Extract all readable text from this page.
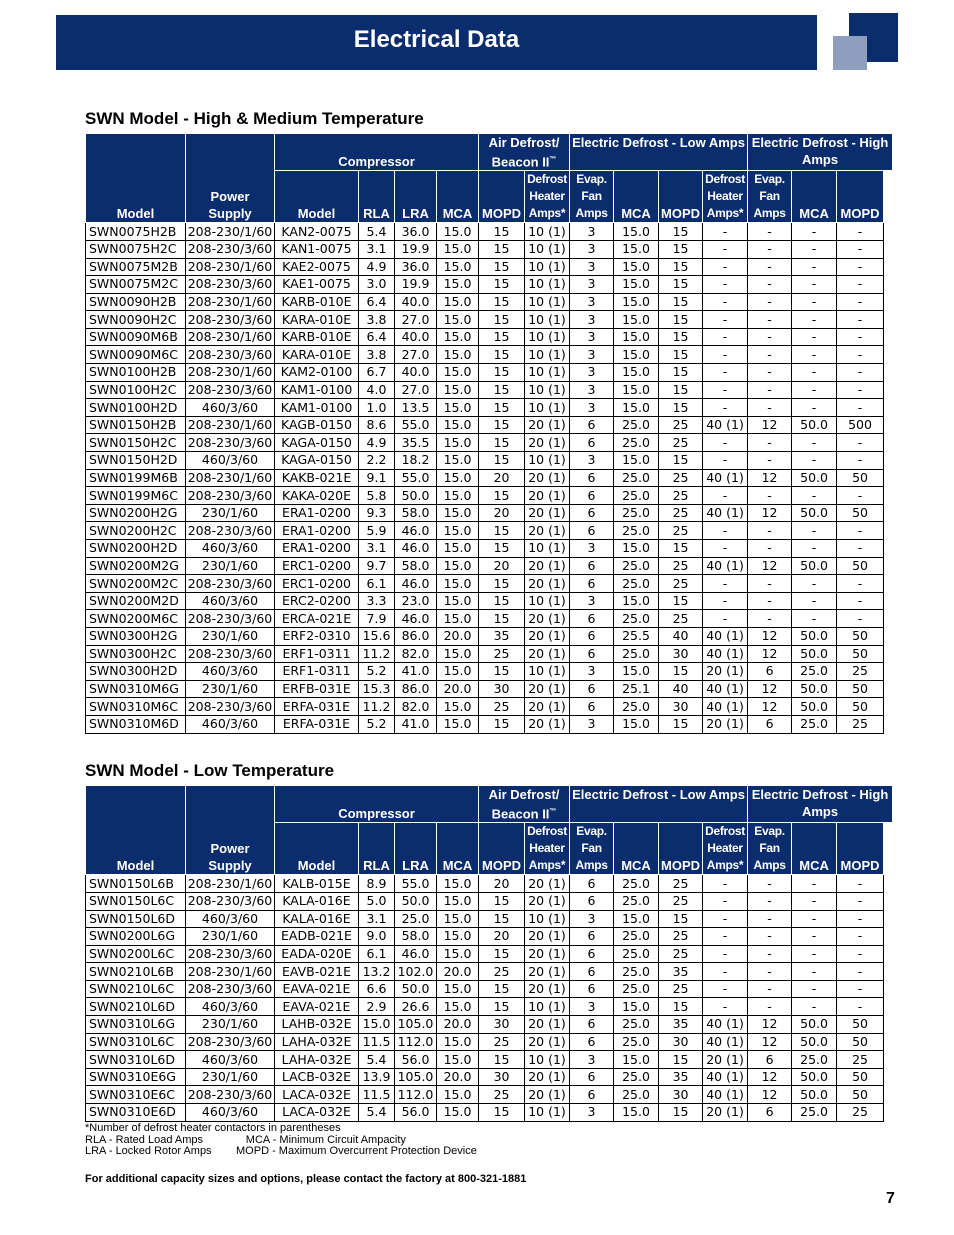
Electrical Data
SWN Model - High & Medium Temperature
Model	Power
Supply	Compressor				Air Defrost/
Beacon II™		Electric Defrost - Low Amps				Electric Defrost - High Amps		
		Model	RLA	LRA	MCA	MOPD	Defrost
Heater
Amps*	Evap.
Fan
Amps	MCA	MOPD	Defrost
Heater
Amps*	Evap.
Fan
Amps	MCA	MOPD

SWN0075H2B	208-230/1/60	KAN2-0075	5.4	36.0	15.0	15	10 (1)	3	15.0	15	-	-	-	-
SWN0075H2C	208-230/3/60	KAN1-0075	3.1	19.9	15.0	15	10 (1)	3	15.0	15	-	-	-	-
SWN0075M2B	208-230/1/60	KAE2-0075	4.9	36.0	15.0	15	10 (1)	3	15.0	15	-	-	-	-
SWN0075M2C	208-230/3/60	KAE1-0075	3.0	19.9	15.0	15	10 (1)	3	15.0	15	-	-	-	-
SWN0090H2B	208-230/1/60	KARB-010E	6.4	40.0	15.0	15	10 (1)	3	15.0	15	-	-	-	-
SWN0090H2C	208-230/3/60	KARA-010E	3.8	27.0	15.0	15	10 (1)	3	15.0	15	-	-	-	-
SWN0090M6B	208-230/1/60	KARB-010E	6.4	40.0	15.0	15	10 (1)	3	15.0	15	-	-	-	-
SWN0090M6C	208-230/3/60	KARA-010E	3.8	27.0	15.0	15	10 (1)	3	15.0	15	-	-	-	-
SWN0100H2B	208-230/1/60	KAM2-0100	6.7	40.0	15.0	15	10 (1)	3	15.0	15	-	-	-	-
SWN0100H2C	208-230/3/60	KAM1-0100	4.0	27.0	15.0	15	10 (1)	3	15.0	15	-	-	-	-
SWN0100H2D	460/3/60	KAM1-0100	1.0	13.5	15.0	15	10 (1)	3	15.0	15	-	-	-	-
SWN0150H2B	208-230/1/60	KAGB-0150	8.6	55.0	15.0	15	20 (1)	6	25.0	25	40 (1)	12	50.0	500
SWN0150H2C	208-230/3/60	KAGA-0150	4.9	35.5	15.0	15	20 (1)	6	25.0	25	-	-	-	-
SWN0150H2D	460/3/60	KAGA-0150	2.2	18.2	15.0	15	10 (1)	3	15.0	15	-	-	-	-
SWN0199M6B	208-230/1/60	KAKB-021E	9.1	55.0	15.0	20	20 (1)	6	25.0	25	40 (1)	12	50.0	50
SWN0199M6C	208-230/3/60	KAKA-020E	5.8	50.0	15.0	15	20 (1)	6	25.0	25	-	-	-	-
SWN0200H2G	230/1/60	ERA1-0200	9.3	58.0	15.0	20	20 (1)	6	25.0	25	40 (1)	12	50.0	50
SWN0200H2C	208-230/3/60	ERA1-0200	5.9	46.0	15.0	15	20 (1)	6	25.0	25	-	-	-	-
SWN0200H2D	460/3/60	ERA1-0200	3.1	46.0	15.0	15	10 (1)	3	15.0	15	-	-	-	-
SWN0200M2G	230/1/60	ERC1-0200	9.7	58.0	15.0	20	20 (1)	6	25.0	25	40 (1)	12	50.0	50
SWN0200M2C	208-230/3/60	ERC1-0200	6.1	46.0	15.0	15	20 (1)	6	25.0	25	-	-	-	-
SWN0200M2D	460/3/60	ERC2-0200	3.3	23.0	15.0	15	10 (1)	3	15.0	15	-	-	-	-
SWN0200M6C	208-230/3/60	ERCA-021E	7.9	46.0	15.0	15	20 (1)	6	25.0	25	-	-	-	-
SWN0300H2G	230/1/60	ERF2-0310	15.6	86.0	20.0	35	20 (1)	6	25.5	40	40 (1)	12	50.0	50
SWN0300H2C	208-230/3/60	ERF1-0311	11.2	82.0	15.0	25	20 (1)	6	25.0	30	40 (1)	12	50.0	50
SWN0300H2D	460/3/60	ERF1-0311	5.2	41.0	15.0	15	10 (1)	3	15.0	15	20 (1)	6	25.0	25
SWN0310M6G	230/1/60	ERFB-031E	15.3	86.0	20.0	30	20 (1)	6	25.1	40	40 (1)	12	50.0	50
SWN0310M6C	208-230/3/60	ERFA-031E	11.2	82.0	15.0	25	20 (1)	6	25.0	30	40 (1)	12	50.0	50
SWN0310M6D	460/3/60	ERFA-031E	5.2	41.0	15.0	15	20 (1)	3	15.0	15	20 (1)	6	25.0	25
SWN Model - Low Temperature
Model	Power
Supply	Compressor				Air Defrost/
Beacon II™		Electric Defrost - Low Amps				Electric Defrost - High Amps		
		Model	RLA	LRA	MCA	MOPD	Defrost
Heater
Amps*	Evap.
Fan
Amps	MCA	MOPD	Defrost
Heater
Amps*	Evap.
Fan
Amps	MCA	MOPD

SWN0150L6B	208-230/1/60	KALB-015E	8.9	55.0	15.0	20	20 (1)	6	25.0	25	-	-	-	-
SWN0150L6C	208-230/3/60	KALA-016E	5.0	50.0	15.0	15	20 (1)	6	25.0	25	-	-	-	-
SWN0150L6D	460/3/60	KALA-016E	3.1	25.0	15.0	15	10 (1)	3	15.0	15	-	-	-	-
SWN0200L6G	230/1/60	EADB-021E	9.0	58.0	15.0	20	20 (1)	6	25.0	25	-	-	-	-
SWN0200L6C	208-230/3/60	EADA-020E	6.1	46.0	15.0	15	20 (1)	6	25.0	25	-	-	-	-
SWN0210L6B	208-230/1/60	EAVB-021E	13.2	102.0	20.0	25	20 (1)	6	25.0	35	-	-	-	-
SWN0210L6C	208-230/3/60	EAVA-021E	6.6	50.0	15.0	15	20 (1)	6	25.0	25	-	-	-	-
SWN0210L6D	460/3/60	EAVA-021E	2.9	26.6	15.0	15	10 (1)	3	15.0	15	-	-	-	-
SWN0310L6G	230/1/60	LAHB-032E	15.0	105.0	20.0	30	20 (1)	6	25.0	35	40 (1)	12	50.0	50
SWN0310L6C	208-230/3/60	LAHA-032E	11.5	112.0	15.0	25	20 (1)	6	25.0	30	40 (1)	12	50.0	50
SWN0310L6D	460/3/60	LAHA-032E	5.4	56.0	15.0	15	10 (1)	3	15.0	15	20 (1)	6	25.0	25
SWN0310E6G	230/1/60	LACB-032E	13.9	105.0	20.0	30	20 (1)	6	25.0	35	40 (1)	12	50.0	50
SWN0310E6C	208-230/3/60	LACA-032E	11.5	112.0	15.0	25	20 (1)	6	25.0	30	40 (1)	12	50.0	50
SWN0310E6D	460/3/60	LACA-032E	5.4	56.0	15.0	15	10 (1)	3	15.0	15	20 (1)	6	25.0	25
*Number of defrost heater contactors in parentheses
RLA - Rated Load Amps              MCA - Minimum Circuit Ampacity
LRA - Locked Rotor Amps        MOPD - Maximum Overcurrent Protection Device
For additional capacity sizes and options, please contact the factory at 800-321-1881
7
